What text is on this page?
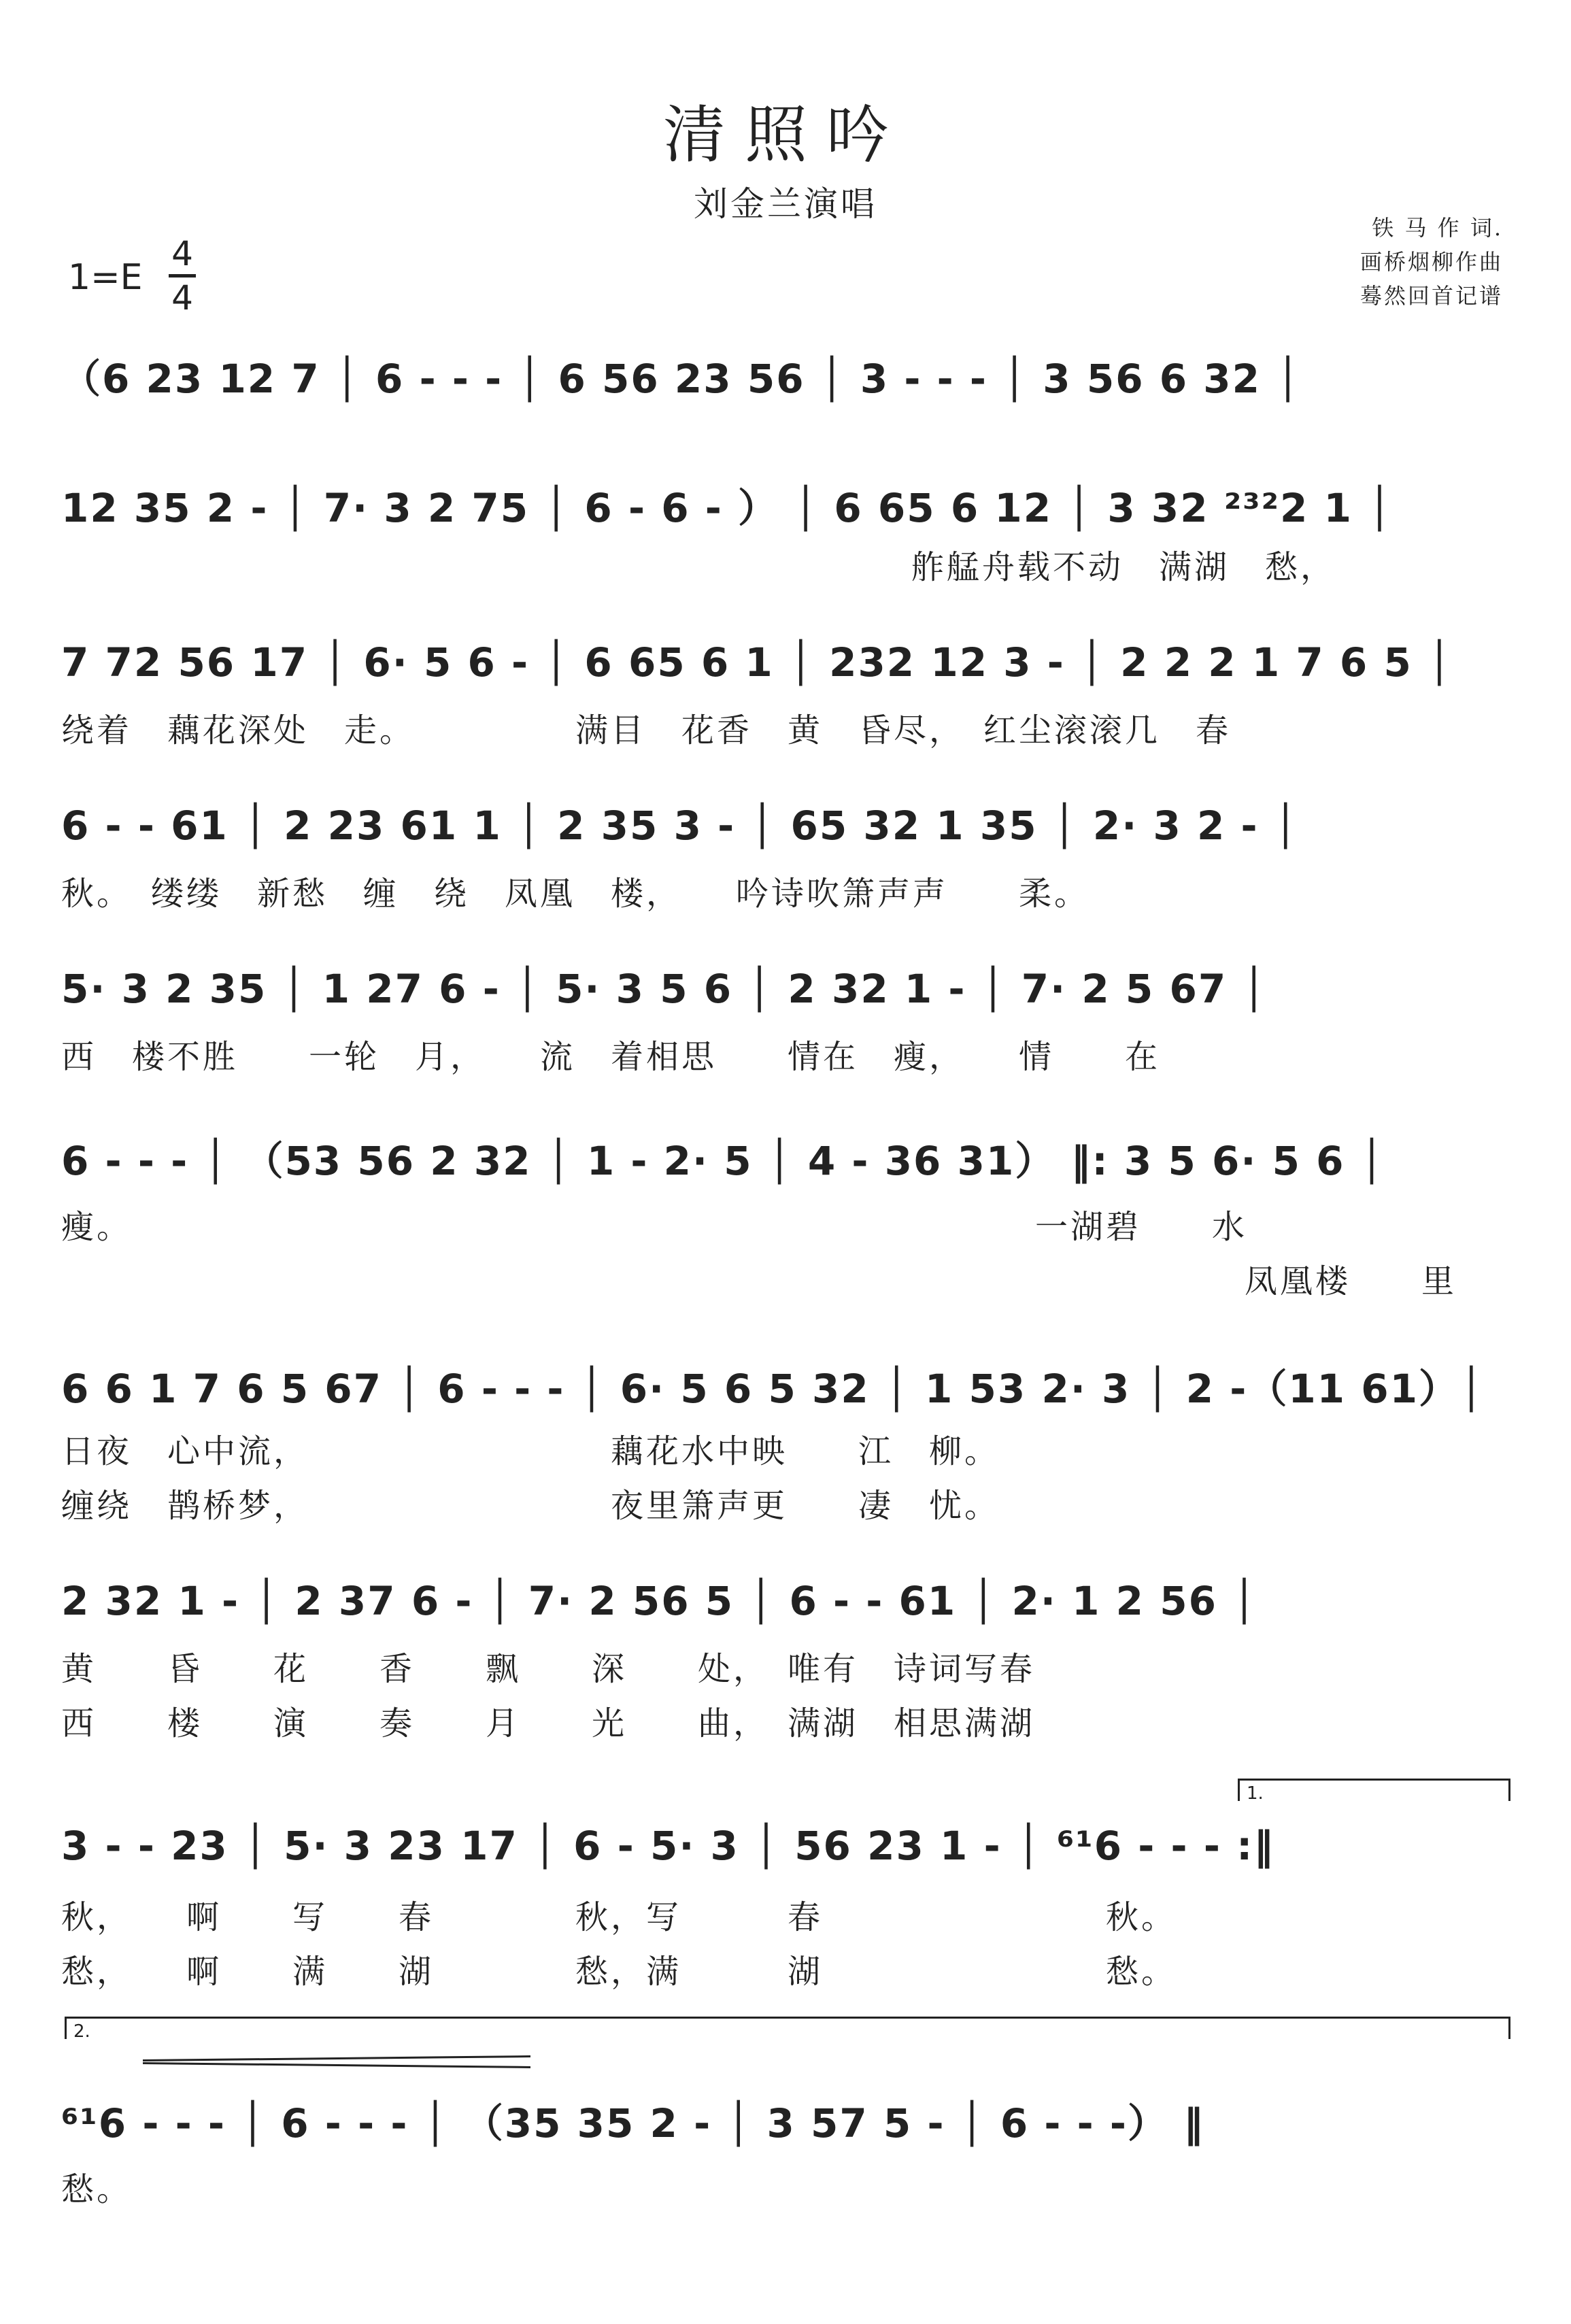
清照吟
刘金兰演唱
铁 马 作 词.
画桥烟柳作曲
蓦然回首记谱
1=E
4
4
（6 23 12 7 │ 6 - - - │ 6 56 23 56 │ 3 - - - │ 3 56 6 32 │
12 35 2 - │ 7· 3 2 75 │ 6 - 6 - ） │ 6 65 6 12 │ 3 32 ²³²2 1 │
舴艋舟载不动　满湖　愁，
7 72 56 17 │ 6· 5 6 - │ 6 65 6 1 │ 232 12 3 - │ 2 2 2 1 7 6 5 │
绕着　藕花深处　走。　　　　　满目　花香　黄　昏尽，　红尘滚滚几　春
6 - - 61 │ 2 23 61 1 │ 2 35 3 - │ 65 32 1 35 │ 2· 3 2 - │
秋。　缕缕　新愁　缠　绕　凤凰　楼，　　吟诗吹箫声声　　柔。
5· 3 2 35 │ 1 27 6 - │ 5· 3 5 6 │ 2 32 1 - │ 7· 2 5 67 │
西　楼不胜　　一轮　月，　　流　着相思　　情在　瘦，　　情　　在
6 - - - │ （53 56 2 32 │ 1 - 2· 5 │ 4 - 36 31） ‖: 3 5 6· 5 6 │
瘦。　　　　　　　　　　　　　　　　　　　　　　　　　　一湖碧　　水
凤凰楼　　里
6 6 1 7 6 5 67 │ 6 - - - │ 6· 5 6 5 32 │ 1 53 2· 3 │ 2 -（11 61）│
日夜　心中流，　　　　　　　　　藕花水中映　　江　柳。
缠绕　鹊桥梦，　　　　　　　　　夜里箫声更　　凄　忧。
2 32 1 - │ 2 37 6 - │ 7· 2 56 5 │ 6 - - 61 │ 2· 1 2 56 │
黄　　昏　　花　　香　　飘　　深　　处，　唯有　诗词写春
西　　楼　　演　　奏　　月　　光　　曲，　满湖　相思满湖
1.
3 - - 23 │ 5· 3 23 17 │ 6 - 5· 3 │ 56 23 1 - │ ⁶¹6 - - - :‖
秋，　　啊　　写　　春　　　　秋，写　　　春　　　　　　　　秋。
愁，　　啊　　满　　湖　　　　愁，满　　　湖　　　　　　　　愁。
2.
⁶¹6 - - - │ 6 - - - │ （35 35 2 - │ 3 57 5 - │ 6 - - -） ‖
愁。
